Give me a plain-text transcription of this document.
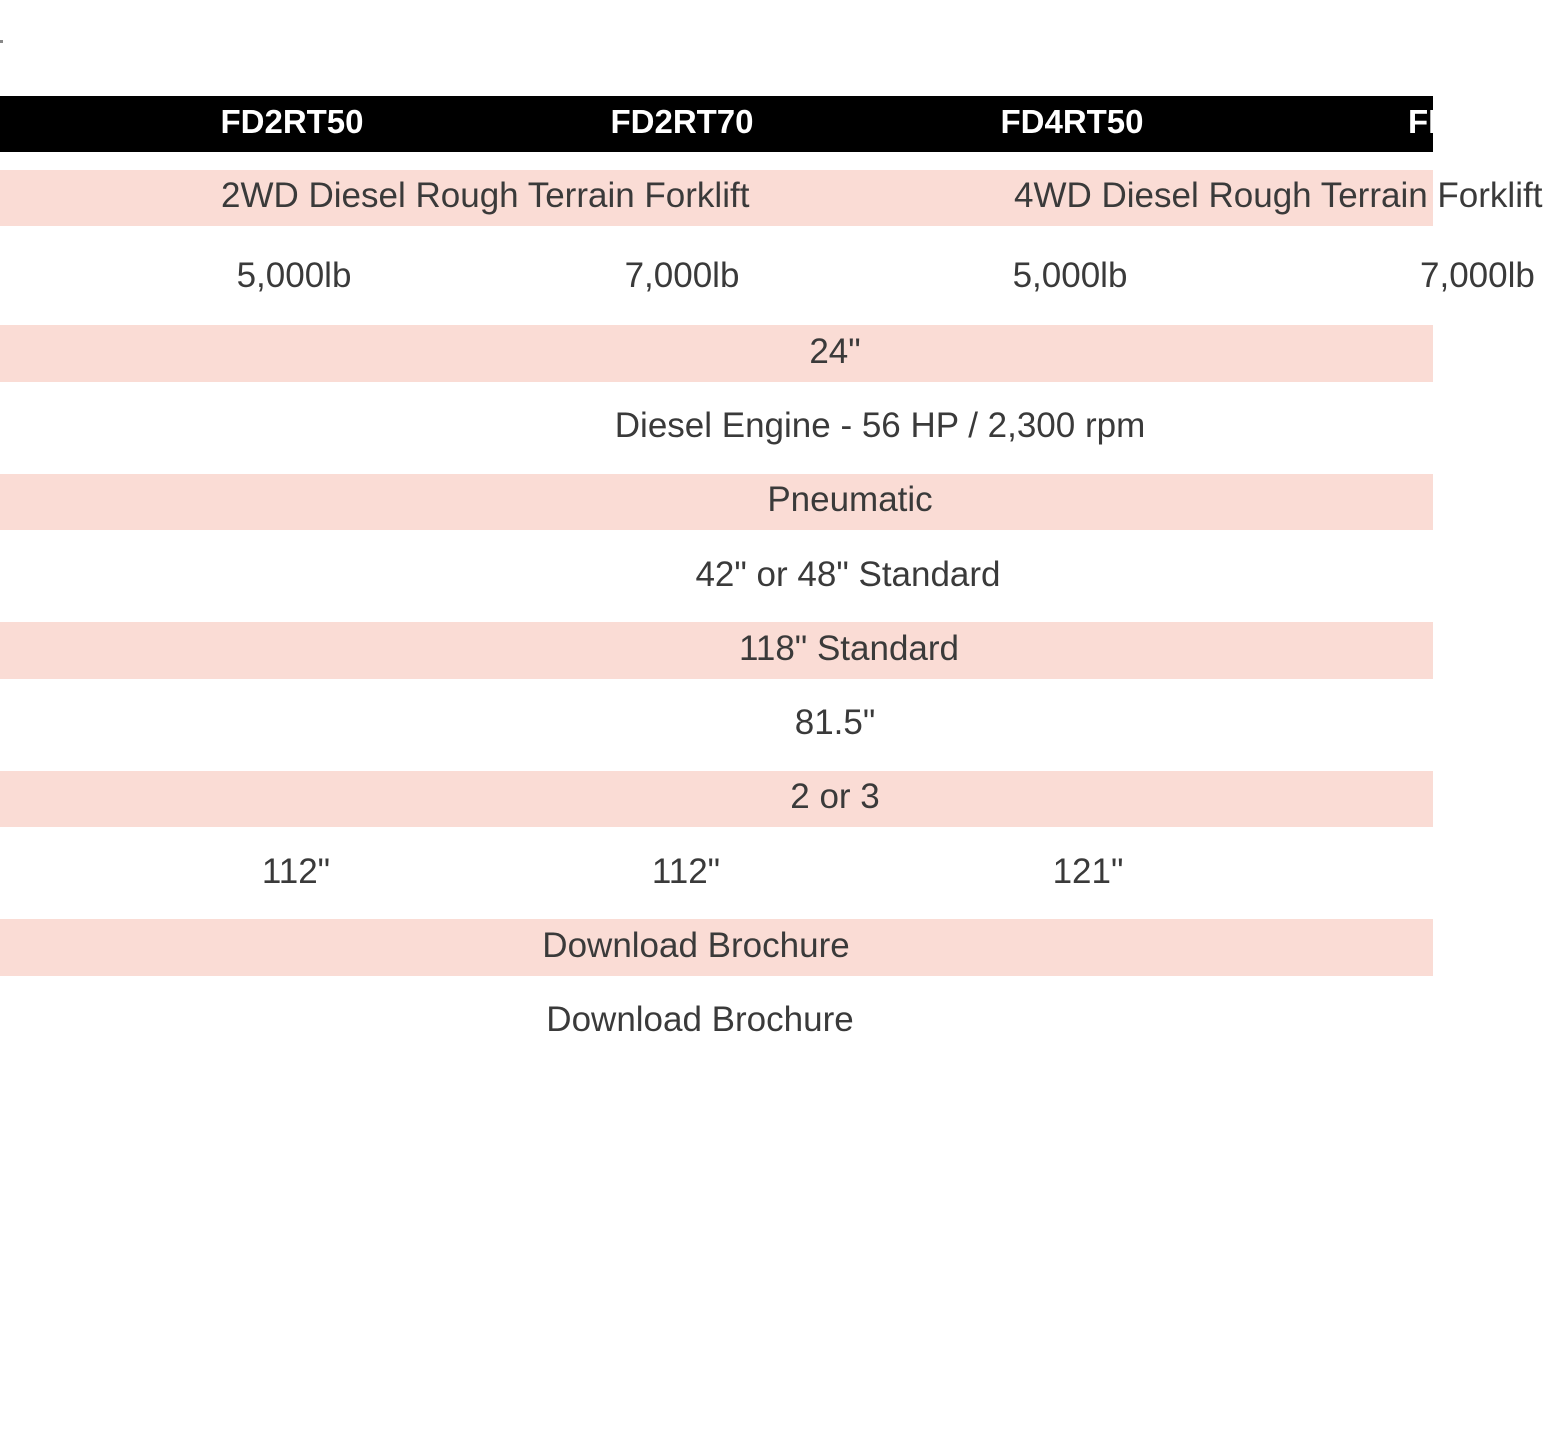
FD2RT50	FD2RT70	FD4RT50	FD4RT70
2WD Diesel Rough Terrain Forklift	4WD Diesel Rough Terrain Forklift
5,000lb	7,000lb	5,000lb	7,000lb
24"
Diesel Engine - 56 HP / 2,300 rpm
Pneumatic
42" or 48" Standard
118" Standard
81.5"
2 or 3
112"	112"	121"
Download Brochure
Download Brochure
